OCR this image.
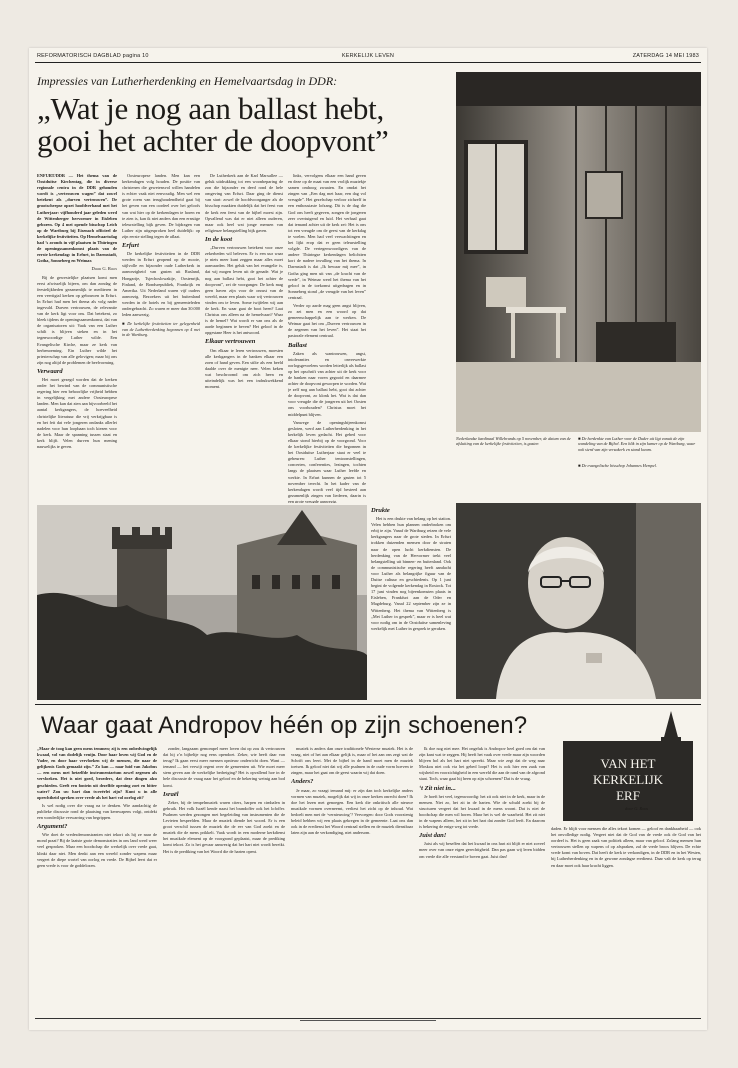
REFORMATORISCH DAGBLAD pagina 10	KERKELIJK LEVEN	ZATERDAG 14 MEI 1983
Impressies van Lutherherdenking en Hemelvaartsdag in DDR:
„Wat je nog aan ballast hebt,
gooi het achter de doopvont”

ENFURT/DDR — Het thema van de Oostduitse Kirchentag, die in diverse regionale centra in de DDR gehouden wordt is „vertrouwen wagen” dat zowel betekent als „durven vertrouwen”. De grootscheepse opzet hoofdverband met het Lutherjaar: vijfhonderd jaar geleden werd de Wittenberger hervormer in Eisleben geboren. Op 4 mei opende bisschop Leich op de Wartburg bij Eisenach officieel de kerkelijke festiviteiten. Op Hemelvaartsdag had ’s avonds in vijf plaatsen in Thüringen de openingssamenkomst plaats van de eerste kerkendag: in Erfurt, in Darmstadt, Gotha, Sonneberg en Weimar.

Door G. Roos

Bij de gewestelijke plaatsen komt men eerst afwisselijk bijeen, om dan zondag de feestelijkheden gezamenlijk te mediteren in een veertigtal kerken op gebouwen in Erfurt. In Erfurt had men het thema als volg nader ingevuld. Durven vertrouwen, de relevantie van de kerk ligt voor ons. Dat betekent, zo bleek tijdens de openingssamenkomst, dat van de organisatoren uit: Vaak van een Luther schilt is blijven steken en in het tegenwoordige Luther wilde. Een Evangelische Kirche, maar ze kerk van herbenoeming. Ein Luther wilde het priesterschap van alle gelovigen; maar bij ons zijn nog altijd de problemen de beelvorming.

Verwaard

Het moet gezegd worden dat de kerken onder het bewind van de communistische regering hier een behoorlijke vrijheid hebben in vergelijking met andere Oosteuropese landen. Men kan dat zien aan bijvoorbeeld het aantal kerkgangers, de hoeveelheid christelijke literatuur die vrij verkrijgbaar is en het feit dat vele jongeren ondanks allerlei nadelen voor hun loopbaan toch kiezen voor de kerk. Maar de spanning tussen staat en kerk blijft. Velen durven hun mening nauwelijks te geven.

Oosteuropese landen. Men kan een kerkendagen volg houden. De positie van christenen die gewetensvol willen handelen is echter vaak niet eenvoudig. Men wel een grote roem van terughoudendheid gaat bij het geven van een oordeel over het geloofs van wat hier op de kerkendagen te horen en te zien is, kan ik niet anders dan een ernstige teleurstelling bijk geven. De bijdragen van Luther zijn uitgesproken heel duidelijk: op zijn eerste stelling tegen de aflaat.

Erfurt

De kerkelijke festiviteiten in de DDR werden in Erfurt geopend op de mooie, stijlvolle en bijzonder oude Lutherkerk in aanwezigheid van gasten uit Rusland, Hongarije, Tsjechoslowakije, Oostenrijk, Finland, de Bondsrepubliek, Frankrijk en Amerika. Uit Nederland waren vijf ouders aanwezig. Bezoekers uit het buitenland werden in de hotels en bij gemeenteleden ondergebracht. Zo waren er meer dan 30.000 leden aanwezig.

■ De kerkelijke festiviteiten ter gelegenheid van de Lutherherdenking begonnen op 4 mei in de Wartburg.

De Lutherkerk aan de Karl Marxallee — geluk uitdrukking tot een woonbeparing de zon die bijzonder en deed rond de hele omgeving van Erfurt. Daar ging de dienst van start: zowel de hoofdvoorganger als de bisschop maakten duidelijk dat het feest van de kerk een feest van de bijbel moest zijn. Opvallend was dat er niet alleen ouderen, maar ook heel wat jonge mensen van religieuze belangstelling bijk gaven.

In de koot

„Durven vertrouwen betekent voor onze zekerheden wil beleven. Er is een uur waar je niets meer kunt zeggen maar alles moet aanvaarden. Het geluk van het evangelie is, dat wij mogen leven uit de genade. Wat je nog aan ballast hebt, gooi het achter de doopvont”, zei de voorganger. De kerk mag geen haven zijn voor de onrust van de wereld, maar een plaats waar wij vertrouwen vinden om te leven. Some twijfelen wij aan de kerk. En waar gaat de boot heen? Laat Christus ons alleen na de hemelvaart? Waar is de hemel? Wat wordt er van ons als de aarde beginnen te beven? Het geloof in de opgestane Heer is het antwoord.

Elkaar vertrouwen

Om elkaar te leren vertrouwen, moesten alle kerkgangers in de banken elkaar een zoen of hand geven. Een stilte als een beeld daalde over de menigte neer. Velen keken wat beschroomd om zich heen en uiteindelijk was het een indrukwekkend moment.

links, vervolgens elkaar een hand geven en deze op de maat van een vrolijk muziekje samen omhoog zwaaien. En omdat het zingen van „Een dag met haar, een dag vol vreugde”. Het gezelschap verloor zichzelf in een enthousiaste lofzang. Dit is de dag die God ons heeft gegeven, zongen de jongeren zeer overtuigend en luid. Het verhaal gaat dat iemand achter uit de kerk zei: Het is ons tot een vreugde om de geest van de kerkdag te voelen. Men had veel verwachtingen en het lijkt erop dat er geen teleurstelling volgde. De vertegenwoordigers van de andere Thüringse kerkendagen belichtten kort de nadere invulling van het thema. In Darmstadt is dat „Ik bewaar mij mee”, in Gotha ging men uit van „de kracht van de vrede”, in Weimar werd het thema van het geloof in de toekomst uitgedragen en in Sonneberg stond „de vreugde van het leven” centraal.

Verder op aarde mag geen angst blijven, zo zei men en een woord op dat gemeenschappelijk aan te werken. De Weimar gaat het om „Durven vertrouwen in de zegenen van het leven”. Het staat het pastorale element centraal.

Ballast

Zaken als wantrouwen, angst, intoleranties en onverwerkte oorlogsgevoelens worden letterlijk als ballast op het opschrift van achter uit de kerk voor de banken naar voren gegooid en daarmee achter de doopvont geworpen te worden. Wat je zelf nog aan ballast hebt, gooi dat achter de doopvont, zo klonk het. Wat is dat dan voor vreugde die de jongeren uit het Oosten ons voorhouden? Christus moet het middelpunt blijven.

Vanwege de openingsbijeenkomst gesloten, werd aan Lutherherdenking in het kerkelijk leven gedacht. Het gebed voor elkaar stond hierbij op de voorgrond. Voor de kerkelijke festiviteiten die begonnen in het Oostduitse Lutherjaar staat er veel te gebeuren: Luther tentoonstellingen, concerten, conferenties, lezingen, tochten langs de plaatsen waar Luther leefde en werkte. In Erfurt kunnen de gasten tot 5 november terecht. In het kader van de kerkendagen wordt veel tijd besteed aan gezamenlijk zingen van liederen, daarin is een grote vreugde aanwezig.

Nederlandse kardinaal Willebrands op 5 november, de datum van de afsluiting van de kerkelijke festiviteiten, is gasten
■ De herdenkte van Luther voor de Duder uit ligt vanuit de zijn wandeling van de Bijbel. Een blik in zijn kamer op de Wartburg, waar ook sierd van zijn verzakerk en stand kwam.
Drukte

Het is een drukte van belang op het station. Velen hebben hun plannen onderbroken om erbij te zijn. Vanaf de Wartburg reizen de vele kerkgangers naar de grote steden. In Erfurt trokken duizenden mensen door de straten naar de open lucht kerkdiensten. De herdenking van de Hervormer trekt veel belangstelling uit binnen- en buitenland. Ook de communistische regering heeft aandacht voor Luther als belangrijke figuur van de Duitse cultuur en geschiedenis. Op 1 juni begint de volgende kerkendag in Rostock. Tot 17 juni vinden nog bijeenkomsten plaats in Eisleben, Frankfurt aan de Oder en Magdeburg. Vanaf 22 september zijn ze in Wittenberg. Het thema van Wittenberg is „Met Luther in gesprek”, maar er is heel wat voor nodig om in de Oostduitse samenleving werkelijk met Luther in gesprek te geraken.

■ De evangelische bisschop Johannes Hempel.
Waar gaat Andropov héén op zijn schoenen?
VAN HET
KERKELIJK
ERF
door G. Roos

„Maar de toog kan geen mens temmen; zij is een onbedwingelijk kwaad, vol van dodelijk venijn. Door haar loven wij God en de Vader, en door haar vervloeken wij de mensen, die naar de gelijkenis Gods gemaakt zijn.” Zo kan — naar luid van Jakobus — een mens met hetzelfde instrumentarium zowel zegenen als vervloeken. Het is niet goed, broeders, dat deze dingen alzo geschieden. Geeft een fontein uit dezelfde opening zoet en bitter water? Zou uw hart dan tweeërlei zijn? Kunt u in alle oprechtheid spreken over vrede als het hart vol oorlog zit?

Is wel nodig over die vraag na te denken. Wie aandachtig de publieke discussie rond de plaatsing van kernwapens volgt, ontdekt een wonderlijke verwarring van begrippen.

Argument?

Wie doet de vredesdemonstranten niet tekort als hij ze naar de mond praat? Bij de laatste grote demonstraties in ons land werd weer veel gesproken. Maar een boodschap die werkelijk over vrede gaat, klinkt daar niet. Men denkt aan een wereld zonder wapens maar vergeet de diepe wortel van oorlog en vrede. De Bijbel leert dat er geen vrede is voor de goddelozen.

zonder, langzaam gemompel meer loven dat op zou ik vertrouwen dat hij z’n bijbeltje nog eens opendoet. Zeker, wie heeft daar van terug? Ik gaan eerst meer mensen opnieuw onderricht doen. Want — iemand — het verwijt regent over de gemeenten uit. Wie moet meer stem geven aan de werkelijke bedreiging? Het is opvallend hoe in de hele discussie de vraag naar het geloof en de bekering weinig aan bod komt.

Israël

Zeker, bij de tempelmuziek waren citers, harpen en cimbalen in gebruik. Het volk Israël kende naast het brandoffer ook het lofoffer. Psalmen werden gezongen met begeleiding van instrumenten die de Levieten bespeelden. Maar de muziek diende het woord. Er is een groot verschil tussen de muziek die de eer van God zoekt en de muziek die de mens prikkelt. Vaak wordt in een moderne kerkdienst het muzikale element op de voorgrond geplaatst, maar de prediking komt tekort. Zo is het gevaar aanwezig dat het hart niet wordt bereikt. Het is de prediking van het Woord die de harten opent.

muziek is anders dan onze traditionele Westerse muziek. Het is de vraag, niet of het aan elkaar gelijk is, maar of het aan ons zegt wat de Schrift ons leert. Met de bijbel in de hand moet men de muziek toetsen. Ik geloof niet dat wij alle psalmen in de oude vorm hoeven te zingen, maar het gaat om de geest waarin wij dat doen.

Anders?

Je maar, zo vraagt iemand mij: er zijn dan toch kerkelijke anders vormen van muziek, mogelijk dat wij in onze kerken onrecht doen? Ik doe het lezen met genoegen. Een kerk die onkritisch alle nieuwe muzikale vormen overneemt, verliest het zicht op de inhoud. Wat bedoelt men met de ‘vernieuwing’? Vervoegen: door Gods voorzienig beleid hebben wij een plaats gekregen in de gemeente. Laat ons dan ook in de eredienst het Woord centraal stellen en de muziek dienstbaar laten zijn aan de verkondiging, niet andersom.

Ik doe nog niet mee. Het ongeluk is Andropov heel goed om dat van zijn kant wat te zeggen. Hij heeft het vaak over vrede maar zijn woorden blijven hol als het hart niet spreekt. Maar wie zegt dat de weg naar Moskou niet ook via het gebed loopt? Het is ook hier een zaak van wijsheid en voorzichtigheid in een wereld die aan de rand van de afgrond staat. Toch, waar gaat hij heen op zijn schoenen? Dat is de vraag.

‘t Zit niet in...

Je hoeft het veel, tegenwoordig: het zit ook niet in de kerk, maar in de mensen. Niet zo, het zit in de harten. Wie de schuld zoekt bij de structuren vergeet dat het kwaad in de mens woont. Dat is niet de boodschap die men wil horen. Maar het is wel de waarheid. Het zit niet in de wapens alleen, het zit in het hart dat zonder God leeft. En daarom is bekering de enige weg tot vrede.

Juist dan!

Juist als wij beseffen dat het kwaad in ons hart zit blijft er niet zoveel meer over van onze eigen gerechtigheid. Dan pas gaan wij leren bidden om vrede die alle verstand te boven gaat. Juist dan!

daden. Er blijft voor mensen die alles tekort komen — geloof en dankbaarheid — ook het onvolledige nodig. Vergeet niet dat de God van de vrede ook de God van het oordeel is. Het is geen zaak van politiek alleen, maar van geloof. Zolang mensen hun vertrouwen stellen op wapens of op afspraken, zal de vrede broos blijven. De echte vrede komt van boven. Dat heeft de kerk te verkondigen, in de DDR en in het Westen, bij Lutherherdenking en in de gewone zondagse eredienst. Daar valt de kerk op terug en daar moet ook haar kracht liggen.
